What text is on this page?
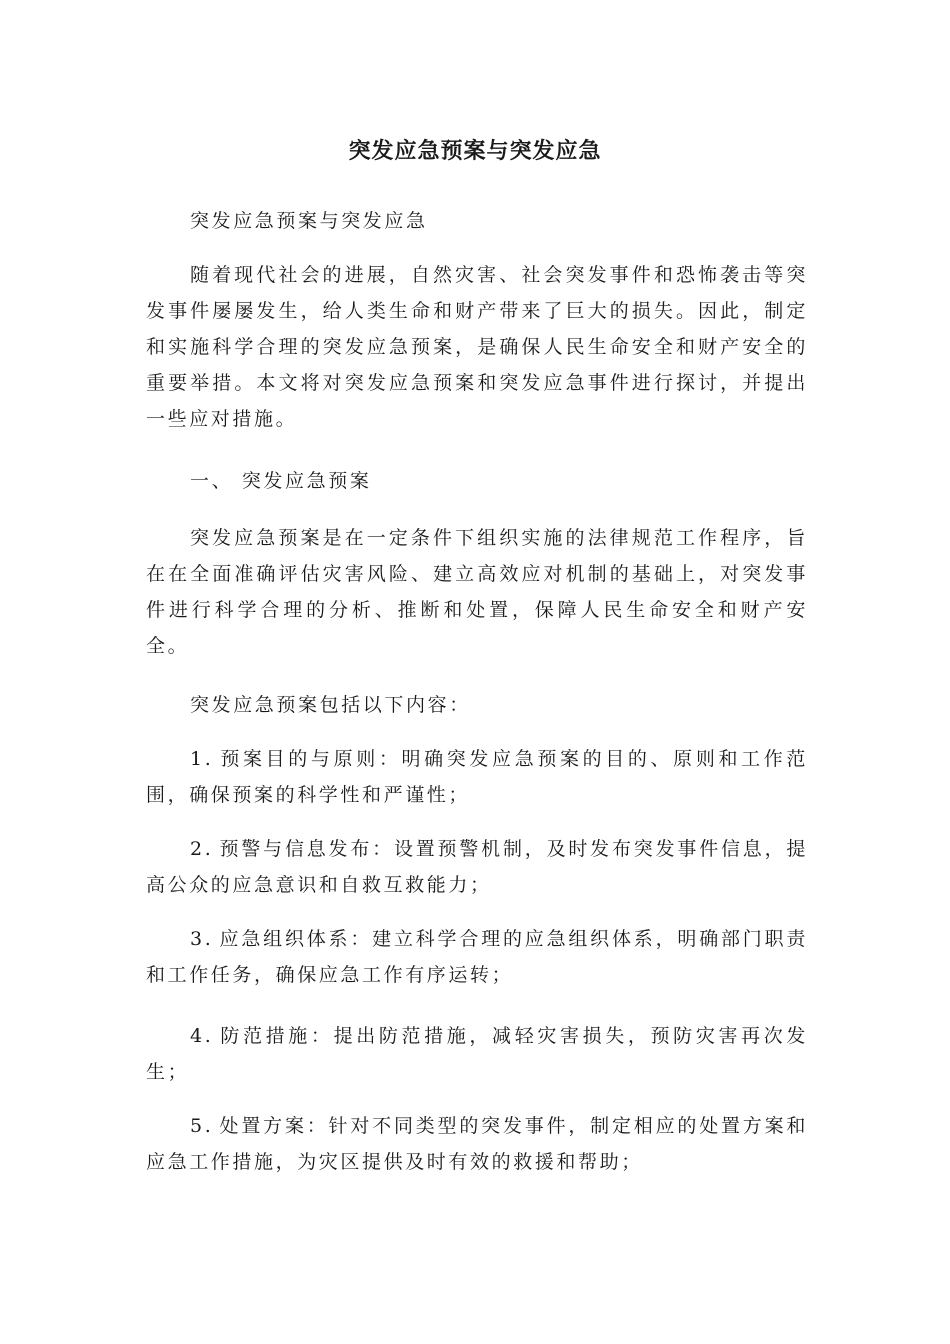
突发应急预案与突发应急

突发应急预案与突发应急

随着现代社会的进展，自然灾害、社会突发事件和恐怖袭击等突发事件屡屡发生，给人类生命和财产带来了巨大的损失。因此，制定和实施科学合理的突发应急预案，是确保人民生命安全和财产安全的重要举措。本文将对突发应急预案和突发应急事件进行探讨，并提出一些应对措施。

一、 突发应急预案

突发应急预案是在一定条件下组织实施的法律规范工作程序，旨在在全面准确评估灾害风险、建立高效应对机制的基础上，对突发事件进行科学合理的分析、推断和处置，保障人民生命安全和财产安全。

突发应急预案包括以下内容：

1. 预案目的与原则：明确突发应急预案的目的、原则和工作范围，确保预案的科学性和严谨性；

2. 预警与信息发布：设置预警机制，及时发布突发事件信息，提高公众的应急意识和自救互救能力；

3. 应急组织体系：建立科学合理的应急组织体系，明确部门职责和工作任务，确保应急工作有序运转；

4. 防范措施：提出防范措施，减轻灾害损失，预防灾害再次发生；

5. 处置方案：针对不同类型的突发事件，制定相应的处置方案和应急工作措施，为灾区提供及时有效的救援和帮助；
